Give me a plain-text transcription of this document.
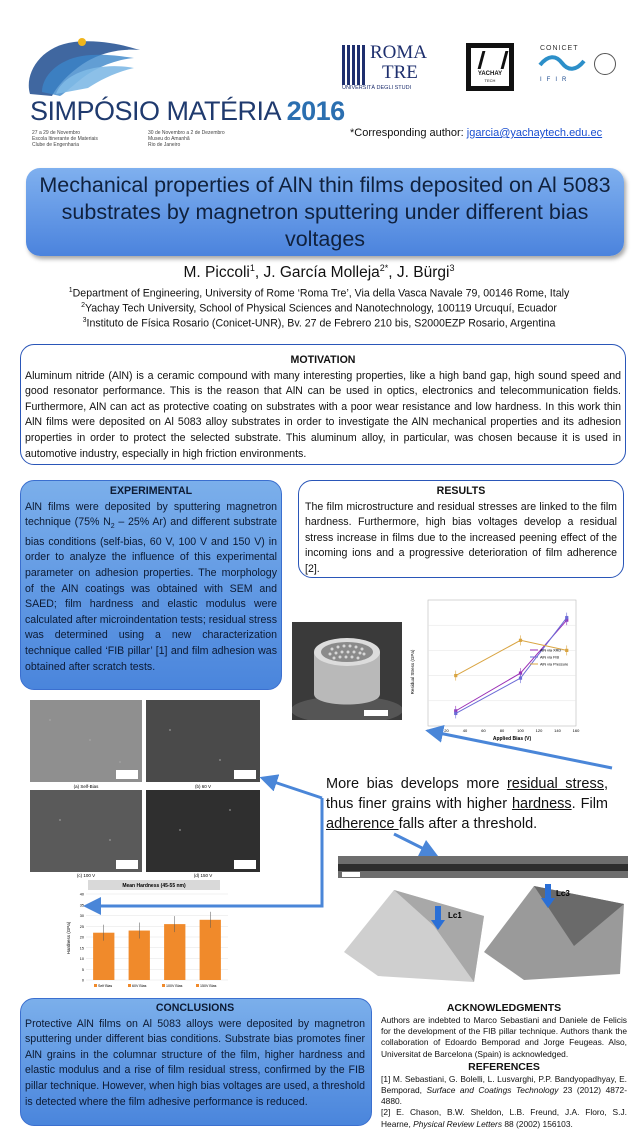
SIMPÓSIO MATÉRIA 2016
27 a 29 de Novembro
Escola Itinerante de Materiais
Clube de Engenharia
30 de Novembro a 2 de Dezembro
Museu do Amanhã
Rio de Janeiro
ROMA
TRE
UNIVERSITÀ DEGLI STUDI
YACHAY
TECH
CONICET
I   F   I   R
*Corresponding author: jgarcia@yachaytech.edu.ec
Mechanical properties of AlN thin films deposited on Al 5083 substrates by magnetron sputtering under different bias voltages
M. Piccoli$^1$, J. García Molleja$^{2*}$, J. Bürgi$^3$
$^1$Department of Engineering, University of Rome ‘Roma Tre’, Via della Vasca Navale 79, 00146 Rome, Italy
$^2$Yachay Tech University, School of Physical Sciences and Nanotechnology, 100119 Urcuquí, Ecuador
$^3$Instituto de Física Rosario (Conicet-UNR), Bv. 27 de Febrero 210 bis, S2000EZP Rosario, Argentina
MOTIVATION
Aluminum nitride (AlN) is a ceramic compound with many interesting properties, like a high band gap, high sound speed and good resonator performance. This is the reason that AlN can be used in optics, electronics and telecommunication fields. Furthermore, AlN can act as protective coating on substrates with a poor wear resistance and low hardness. In this work thin AlN films were deposited on Al 5083 alloy substrates in order to investigate the AlN mechanical properties and its adhesion properties in order to protect the selected substrate. This aluminum alloy, in particular, was chosen because it is used in automotive industry, especially in high friction environments.
EXPERIMENTAL
AlN films were deposited by sputtering magnetron technique (75% $N_2 - 25\%$ Ar) and different substrate bias conditions (self-bias, 60 V, 100 V and 150 V) in order to analyze the influence of this experimental parameter on adhesion properties. The morphology of the AlN coatings was obtained with SEM and SAED; film hardness and elastic modulus were calculated after microindentation tests; residual stress was determined using a new characterization technique called ‘FIB pillar’ [1] and film adhesion was obtained after scratch tests.
RESULTS
The film microstructure and residual stresses are linked to the film hardness. Furthermore, high bias voltages develop a residual stress increase in films due to the increased peening effect of the incoming ions and a progressive deterioration of film adherence [2].
0	20	40	60	80	100	120	140	160
Applied Bias (V)
Residual Stress (GPa)	AlN via XRD
AlN via FIB
AlN via Pressure
(a) Self-Bias	(b) 60 V
(c) 100 V	(d) 150 V
Mean Hardness (45-55 nm)
0
5
10
15
20
25
30
35
40
Hardness (GPa)
Self Bias	60V Bias	100V Bias	150V Bias
More bias develops more residual stress, thus finer grains with higher hardness. Film adherence falls after a threshold.
Lc1
Lc3
CONCLUSIONS
Protective AlN films on Al 5083 alloys were deposited by magnetron sputtering under different bias conditions. Substrate bias promotes finer AlN grains in the columnar structure of the film, higher hardness and elastic modulus and a rise of film residual stress, confirmed by the FIB pillar technique. However, when high bias voltages are used, a threshold is detected where the film adhesive performance is reduced.
ACKNOWLEDGMENTS
Authors are indebted to Marco Sebastiani and Daniele de Felicis for the development of the FIB pillar technique. Authors thank the collaboration of Edoardo Bemporad and Jorge Feugeas. Also, Universitat de Barcelona (Spain) is acknowledged.
REFERENCES
[1] M. Sebastiani, G. Bolelli, L. Lusvarghi, P.P. Bandyopadhyay, E. Bemporad, Surface and Coatings Technology 23 (2012) 4872-4880.
[2] E. Chason, B.W. Sheldon, L.B. Freund, J.A. Floro, S.J. Hearne, Physical Review Letters 88 (2002) 156103.
